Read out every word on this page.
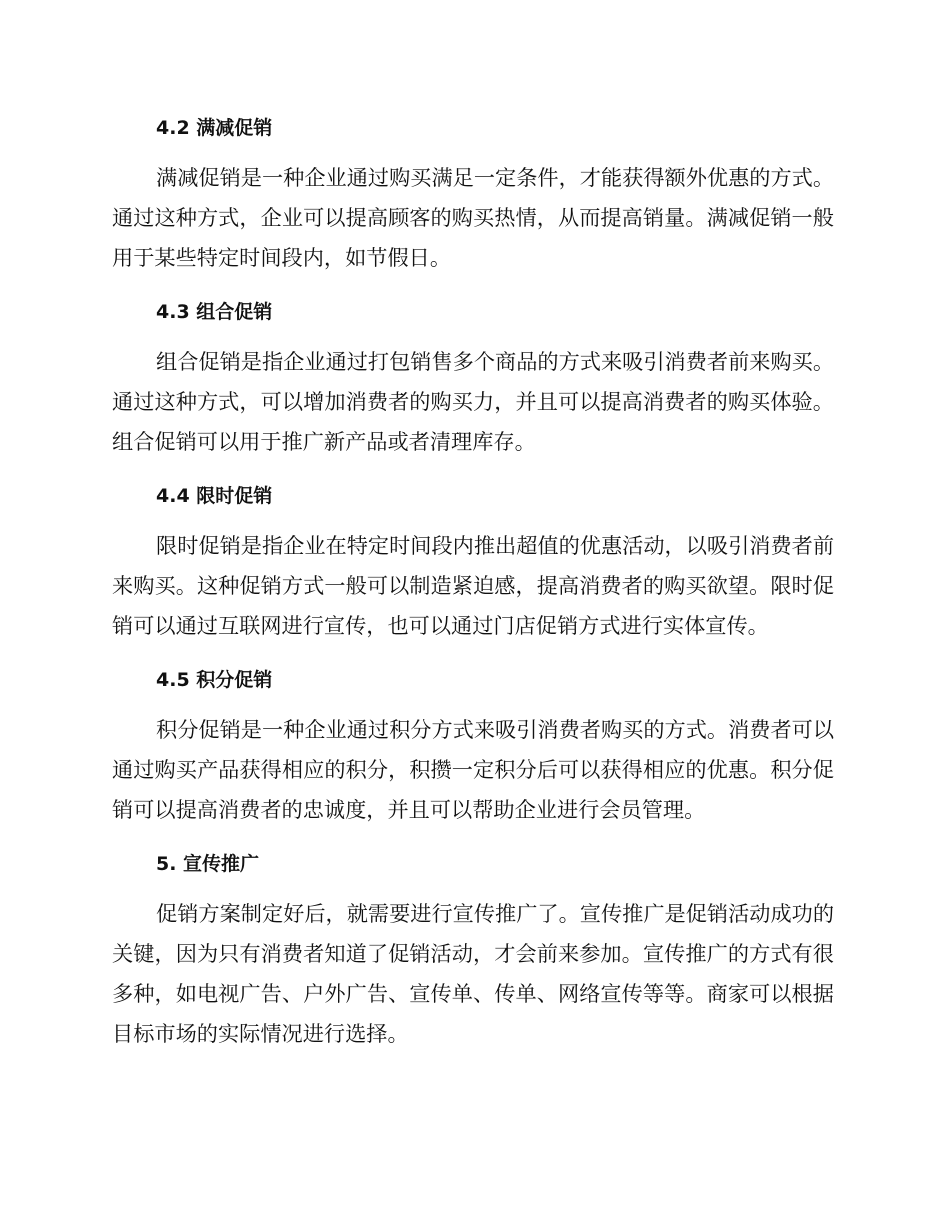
4.2 满减促销

满减促销是一种企业通过购买满足一定条件，才能获得额外优惠的方式。通过这种方式，企业可以提高顾客的购买热情，从而提高销量。满减促销一般用于某些特定时间段内，如节假日。

4.3 组合促销

组合促销是指企业通过打包销售多个商品的方式来吸引消费者前来购买。通过这种方式，可以增加消费者的购买力，并且可以提高消费者的购买体验。组合促销可以用于推广新产品或者清理库存。

4.4 限时促销

限时促销是指企业在特定时间段内推出超值的优惠活动，以吸引消费者前来购买。这种促销方式一般可以制造紧迫感，提高消费者的购买欲望。限时促销可以通过互联网进行宣传，也可以通过门店促销方式进行实体宣传。

4.5 积分促销

积分促销是一种企业通过积分方式来吸引消费者购买的方式。消费者可以通过购买产品获得相应的积分，积攒一定积分后可以获得相应的优惠。积分促销可以提高消费者的忠诚度，并且可以帮助企业进行会员管理。

5. 宣传推广

促销方案制定好后，就需要进行宣传推广了。宣传推广是促销活动成功的关键，因为只有消费者知道了促销活动，才会前来参加。宣传推广的方式有很多种，如电视广告、户外广告、宣传单、传单、网络宣传等等。商家可以根据目标市场的实际情况进行选择。
